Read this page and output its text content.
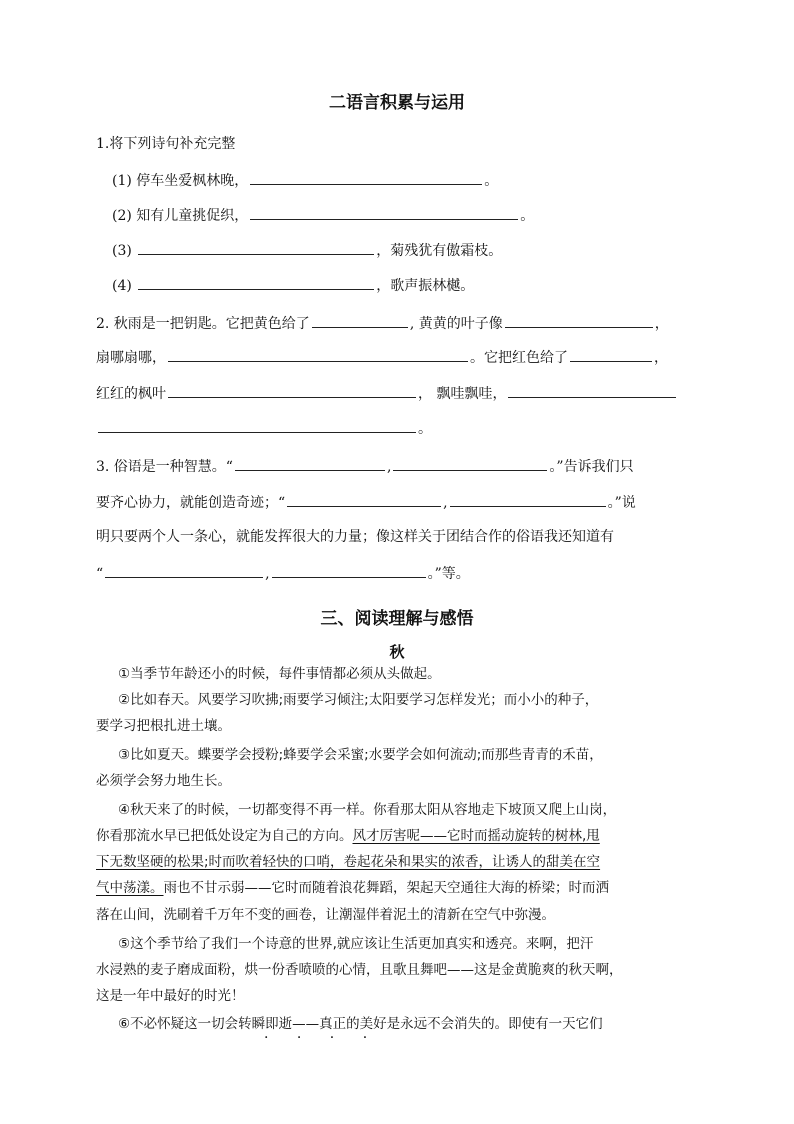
二语言积累与运用
1.将下列诗句补充完整
(1) 停车坐爱枫林晚，	。
(2) 知有儿童挑促织，	。
(3)	，菊残犹有傲霜枝。
(4)	，歌声振林樾。
2. 秋雨是一把钥匙。它把黄色给了	, 黄黄的叶子像	，
扇哪扇哪，	。它把红色给了	，
红红的枫叶	， 飘哇飘哇，
。
3. 俗语是一种智慧。“	,	。”告诉我们只
要齐心协力，就能创造奇迹；“	,	。”说
明只要两个人一条心，就能发挥很大的力量；像这样关于团结合作的俗语我还知道有
“	,	。”等。
三、阅读理解与感悟
秋
①当季节年龄还小的时候，每件事情都必须从头做起。
②比如春天。风要学习吹拂;雨要学习倾注;太阳要学习怎样发光；而小小的种子，
要学习把根扎进土壤。
③比如夏天。蝶要学会授粉;蜂要学会采蜜;水要学会如何流动;而那些青青的禾苗，
必须学会努力地生长。
④秋天来了的时候，一切都变得不再一样。你看那太阳从容地走下坡顶又爬上山岗，
你看那流水早已把低处设定为自己的方向。风才厉害呢——它时而摇动旋转的树林,甩
下无数坚硬的松果;时而吹着轻快的口哨，卷起花朵和果实的浓香，让诱人的甜美在空
气中荡漾。雨也不甘示弱——它时而随着浪花舞蹈，架起天空通往大海的桥梁；时而洒
落在山间，洗刷着千万年不变的画卷，让潮湿伴着泥土的清新在空气中弥漫。
⑤这个季节给了我们一个诗意的世界,就应该让生活更加真实和透亮。来啊，把汗
水浸熟的麦子磨成面粉，烘一份香喷喷的心情，且歌且舞吧——这是金黄脆爽的秋天啊，
这是一年中最好的时光！
⑥不必怀疑这一切会转瞬即逝——真正的美好是永远不会消失的。即使有一天它们
· · · ·
